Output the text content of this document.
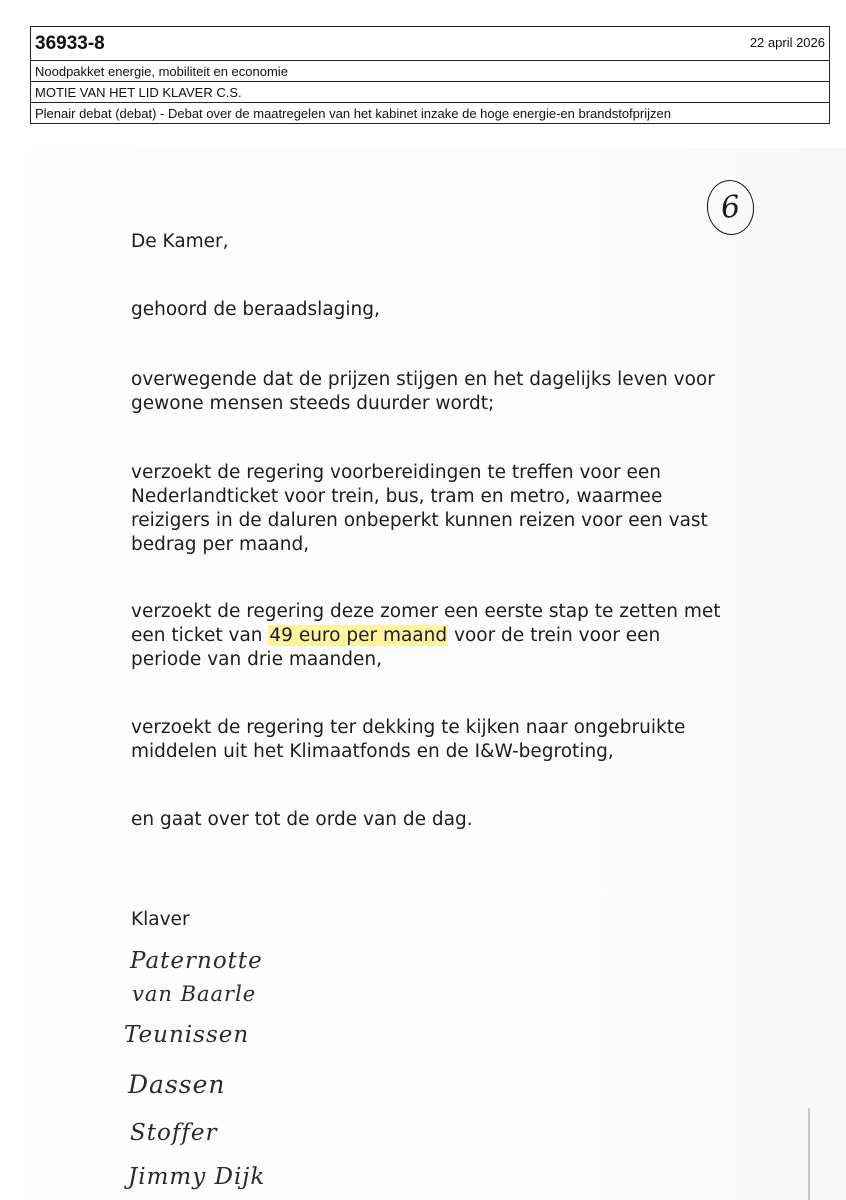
36933-8	22 april 2026
Noodpakket energie, mobiliteit en economie
MOTIE VAN HET LID KLAVER C.S.
Plenair debat (debat) - Debat over de maatregelen van het kabinet inzake de hoge energie-en brandstofprijzen
6
De Kamer,
gehoord de beraadslaging,
overwegende dat de prijzen stijgen en het dagelijks leven voor
gewone mensen steeds duurder wordt;
verzoekt de regering voorbereidingen te treffen voor een
Nederlandticket voor trein, bus, tram en metro, waarmee
reizigers in de daluren onbeperkt kunnen reizen voor een vast
bedrag per maand,
verzoekt de regering deze zomer een eerste stap te zetten met
een ticket van 49 euro per maand voor de trein voor een
periode van drie maanden,
verzoekt de regering ter dekking te kijken naar ongebruikte
middelen uit het Klimaatfonds en de I&W-begroting,
en gaat over tot de orde van de dag.
Klaver
Paternotte
van Baarle
Teunissen
Dassen
Stoffer
Jimmy Dijk
